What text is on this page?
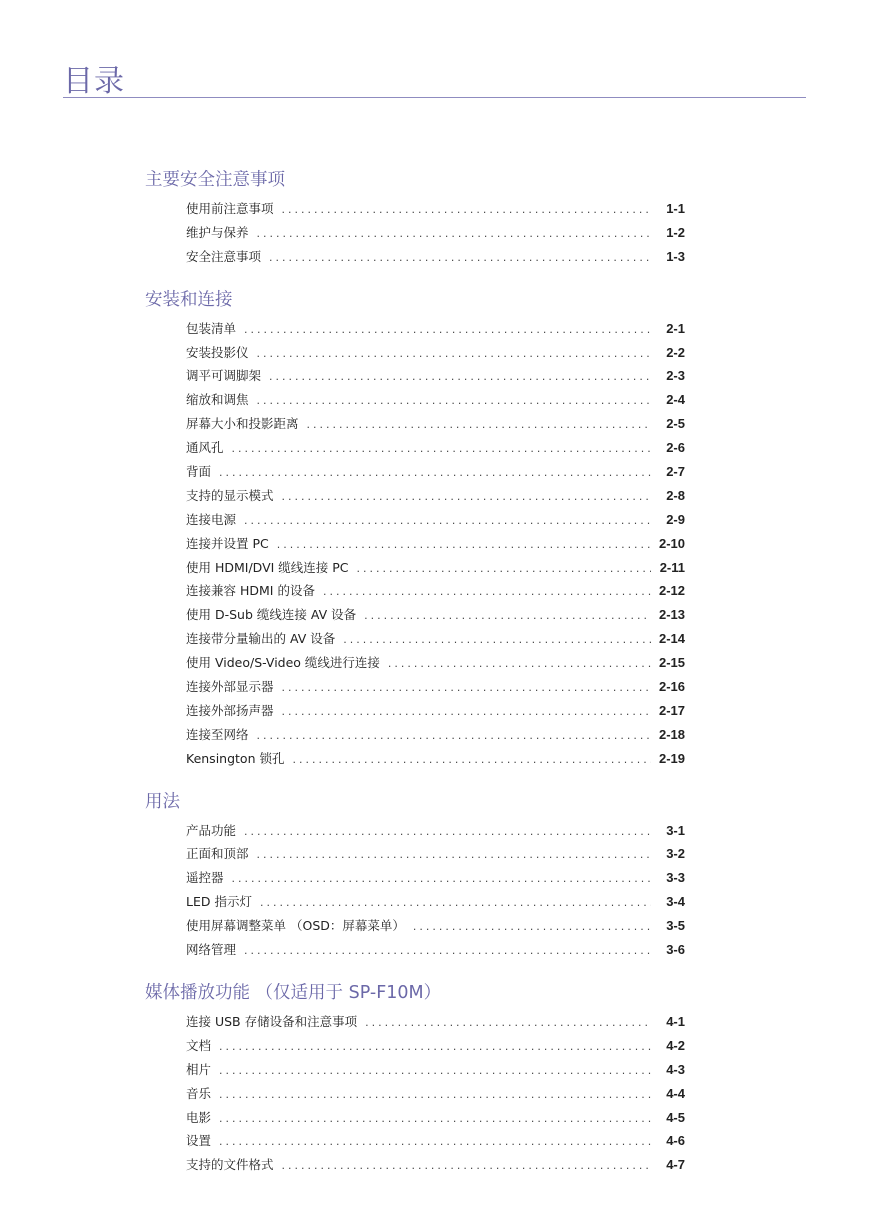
目录
主要安全注意事项
使用前注意事项 .....	1-1
维护与保养 .....	1-2
安全注意事项 .....	1-3
安装和连接
包装清单 .....	2-1
安装投影仪 .....	2-2
调平可调脚架 .....	2-3
缩放和调焦 .....	2-4
屏幕大小和投影距离 .....	2-5
通风孔 .....	2-6
背面 .....	2-7
支持的显示模式 .....	2-8
连接电源 .....	2-9
连接并设置 PC .....	2-10
使用 HDMI/DVI 缆线连接 PC .....	2-11
连接兼容 HDMI 的设备 .....	2-12
使用 D-Sub 缆线连接 AV 设备 .....	2-13
连接带分量输出的 AV 设备 .....	2-14
使用 Video/S-Video 缆线进行连接 .....	2-15
连接外部显示器 .....	2-16
连接外部扬声器 .....	2-17
连接至网络 .....	2-18
Kensington 锁孔 .....	2-19
用法
产品功能 .....	3-1
正面和顶部 .....	3-2
遥控器 .....	3-3
LED 指示灯 .....	3-4
使用屏幕调整菜单 （OSD：屏幕菜单） .....	3-5
网络管理 .....	3-6
媒体播放功能 （仅适用于 SP-F10M）
连接 USB 存储设备和注意事项 .....	4-1
文档 .....	4-2
相片 .....	4-3
音乐 .....	4-4
电影 .....	4-5
设置 .....	4-6
支持的文件格式 .....	4-7
